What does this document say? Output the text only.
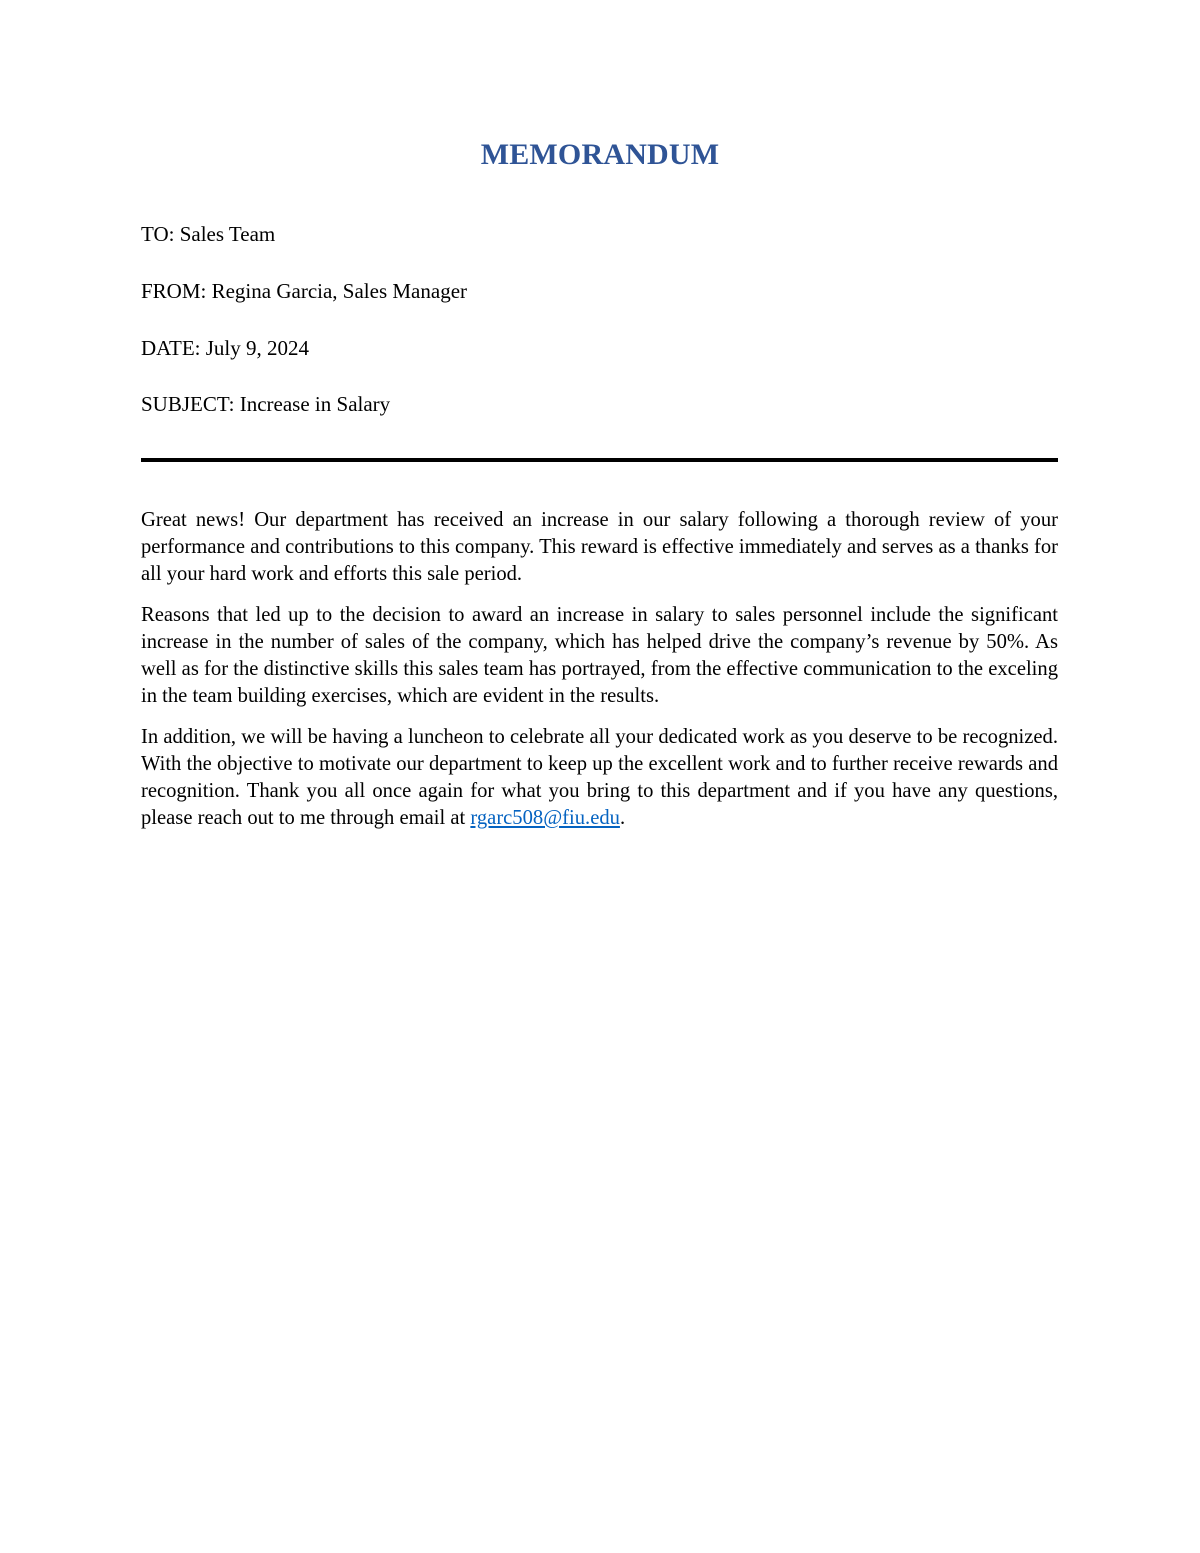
MEMORANDUM
TO: Sales Team
FROM: Regina Garcia, Sales Manager
DATE: July 9, 2024
SUBJECT: Increase in Salary

Great news! Our department has received an increase in our salary following a thorough review of your performance and contributions to this company. This reward is effective immediately and serves as a thanks for all your hard work and efforts this sale period.

Reasons that led up to the decision to award an increase in salary to sales personnel include the significant increase in the number of sales of the company, which has helped drive the company’s revenue by 50%. As well as for the distinctive skills this sales team has portrayed, from the effective communication to the exceling in the team building exercises, which are evident in the results.

In addition, we will be having a luncheon to celebrate all your dedicated work as you deserve to be recognized. With the objective to motivate our department to keep up the excellent work and to further receive rewards and recognition. Thank you all once again for what you bring to this department and if you have any questions, please reach out to me through email at rgarc508@fiu.edu.
